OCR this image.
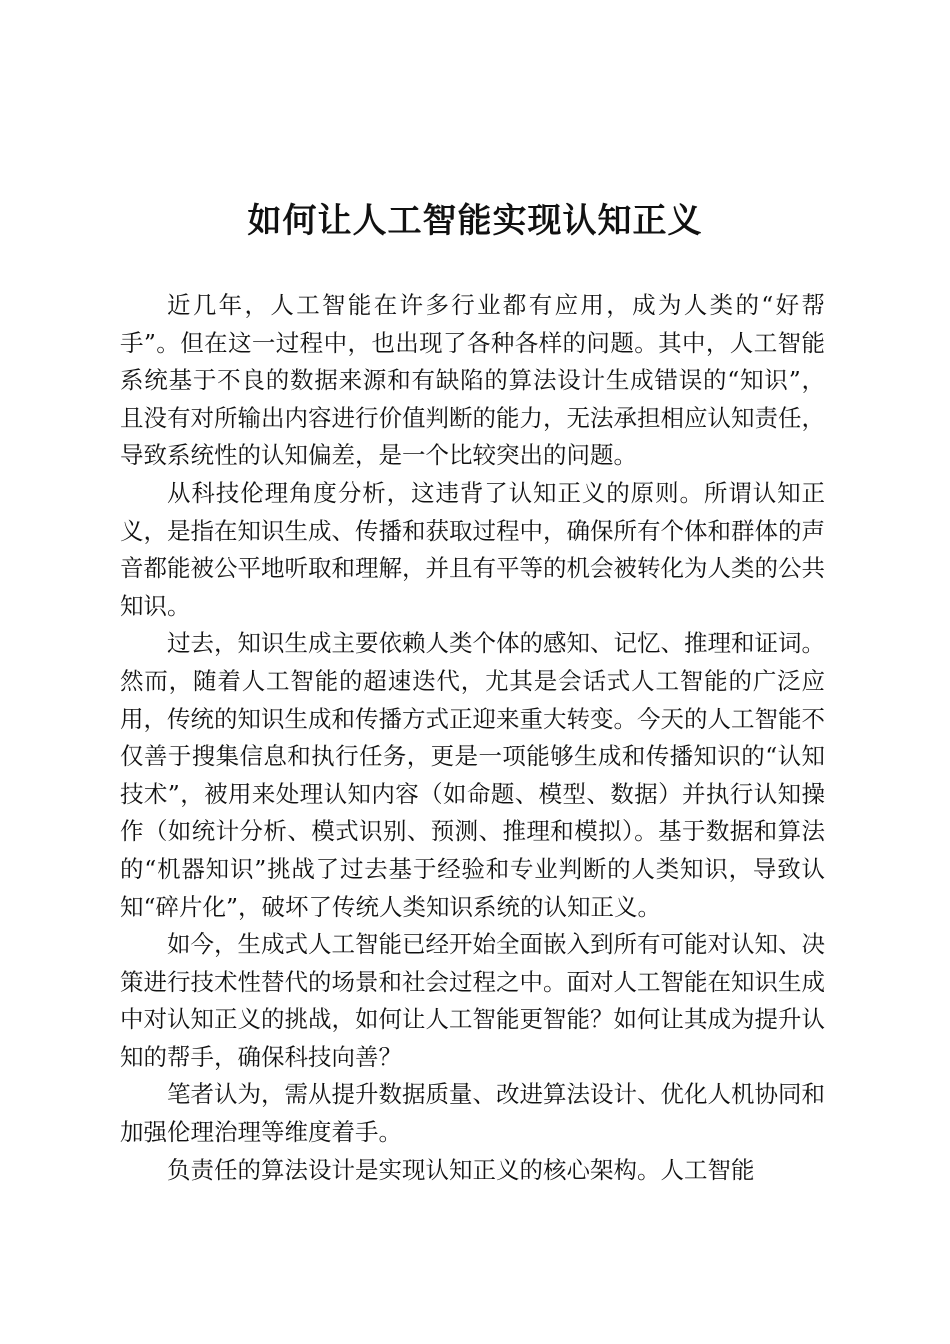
如何让人工智能实现认知正义

近几年，人工智能在许多行业都有应用，成为人类的“好帮手”。但在这一过程中，也出现了各种各样的问题。其中，人工智能系统基于不良的数据来源和有缺陷的算法设计生成错误的“知识”，且没有对所输出内容进行价值判断的能力，无法承担相应认知责任，导致系统性的认知偏差，是一个比较突出的问题。

从科技伦理角度分析，这违背了认知正义的原则。所谓认知正义，是指在知识生成、传播和获取过程中，确保所有个体和群体的声音都能被公平地听取和理解，并且有平等的机会被转化为人类的公共知识。

过去，知识生成主要依赖人类个体的感知、记忆、推理和证词。然而，随着人工智能的超速迭代，尤其是会话式人工智能的广泛应用，传统的知识生成和传播方式正迎来重大转变。今天的人工智能不仅善于搜集信息和执行任务，更是一项能够生成和传播知识的“认知技术”，被用来处理认知内容（如命题、模型、数据）并执行认知操作（如统计分析、模式识别、预测、推理和模拟）。基于数据和算法的“机器知识”挑战了过去基于经验和专业判断的人类知识，导致认知“碎片化”，破坏了传统人类知识系统的认知正义。

如今，生成式人工智能已经开始全面嵌入到所有可能对认知、决策进行技术性替代的场景和社会过程之中。面对人工智能在知识生成中对认知正义的挑战，如何让人工智能更智能？如何让其成为提升认知的帮手，确保科技向善？

笔者认为，需从提升数据质量、改进算法设计、优化人机协同和加强伦理治理等维度着手。

负责任的算法设计是实现认知正义的核心架构。人工智能
